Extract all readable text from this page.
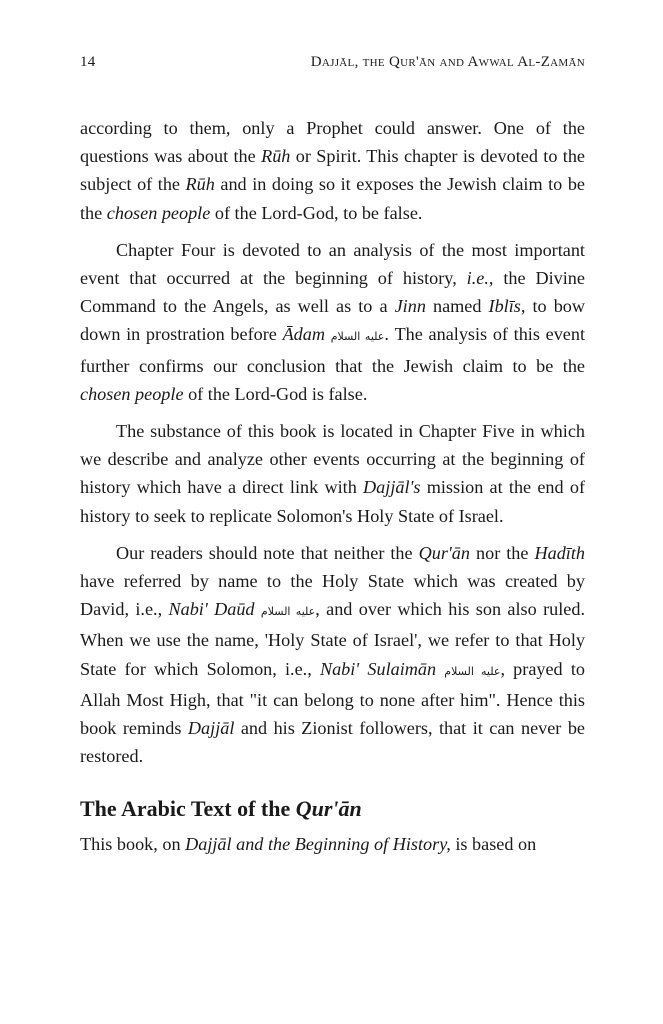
14	Dajjāl, the Qur'ān and Awwal Al-Zamān

according to them, only a Prophet could answer. One of the questions was about the Rūh or Spirit. This chapter is devoted to the subject of the Rūh and in doing so it exposes the Jewish claim to be the chosen people of the Lord-God, to be false.

Chapter Four is devoted to an analysis of the most important event that occurred at the beginning of history, i.e., the Divine Command to the Angels, as well as to a Jinn named Iblīs, to bow down in prostration before Ādam عليه السلام. The analysis of this event further confirms our conclusion that the Jewish claim to be the chosen people of the Lord-God is false.

The substance of this book is located in Chapter Five in which we describe and analyze other events occurring at the beginning of history which have a direct link with Dajjāl's mission at the end of history to seek to replicate Solomon's Holy State of Israel.

Our readers should note that neither the Qur'ān nor the Hadīth have referred by name to the Holy State which was created by David, i.e., Nabi' Daūd عليه السلام, and over which his son also ruled. When we use the name, 'Holy State of Israel', we refer to that Holy State for which Solomon, i.e., Nabi' Sulaimān عليه السلام, prayed to Allah Most High, that "it can belong to none after him". Hence this book reminds Dajjāl and his Zionist followers, that it can never be restored.

The Arabic Text of the Qur'ān

This book, on Dajjāl and the Beginning of History, is based on
